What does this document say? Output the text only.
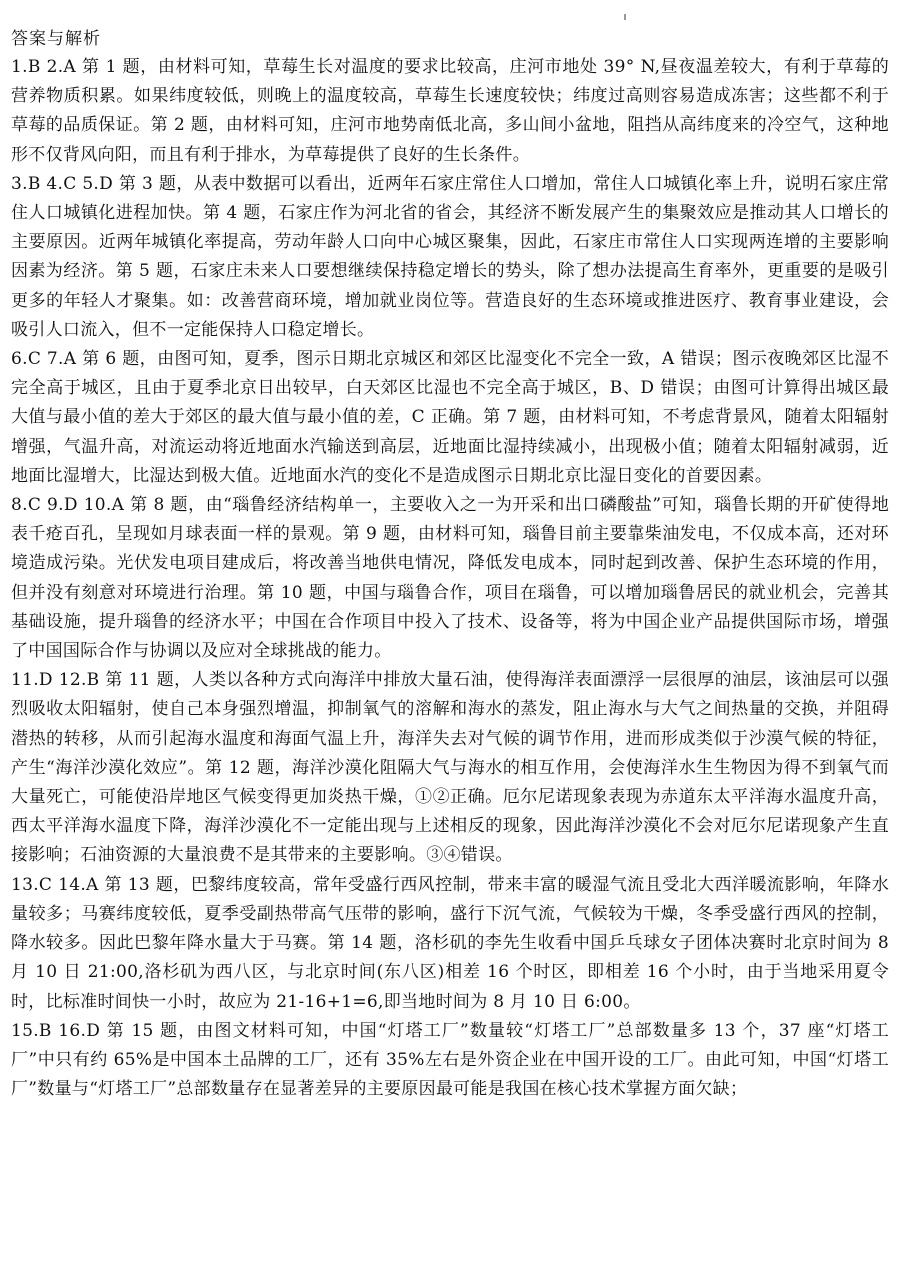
答案与解析

1.B 2.A 第 1 题，由材料可知，草莓生长对温度的要求比较高，庄河市地处 39° N,昼夜温差较大，有利于草莓的营养物质积累。如果纬度较低，则晚上的温度较高，草莓生长速度较快；纬度过高则容易造成冻害；这些都不利于草莓的品质保证。第 2 题，由材料可知，庄河市地势南低北高，多山间小盆地，阻挡从高纬度来的冷空气，这种地形不仅背风向阳，而且有利于排水，为草莓提供了良好的生长条件。

3.B 4.C 5.D 第 3 题，从表中数据可以看出，近两年石家庄常住人口增加，常住人口城镇化率上升，说明石家庄常住人口城镇化进程加快。第 4 题，石家庄作为河北省的省会，其经济不断发展产生的集聚效应是推动其人口增长的主要原因。近两年城镇化率提高，劳动年龄人口向中心城区聚集，因此，石家庄市常住人口实现两连增的主要影响因素为经济。第 5 题，石家庄未来人口要想继续保持稳定增长的势头，除了想办法提高生育率外，更重要的是吸引更多的年轻人才聚集。如：改善营商环境，增加就业岗位等。营造良好的生态环境或推进医疗、教育事业建设，会吸引人口流入，但不一定能保持人口稳定增长。

6.C 7.A 第 6 题，由图可知，夏季，图示日期北京城区和郊区比湿变化不完全一致，A 错误；图示夜晚郊区比湿不完全高于城区，且由于夏季北京日出较早，白天郊区比湿也不完全高于城区，B、D 错误；由图可计算得出城区最大值与最小值的差大于郊区的最大值与最小值的差，C 正确。第 7 题，由材料可知，不考虑背景风，随着太阳辐射增强，气温升高，对流运动将近地面水汽输送到高层，近地面比湿持续减小，出现极小值；随着太阳辐射减弱，近地面比湿增大，比湿达到极大值。近地面水汽的变化不是造成图示日期北京比湿日变化的首要因素。

8.C 9.D 10.A 第 8 题，由“瑙鲁经济结构单一，主要收入之一为开采和出口磷酸盐”可知，瑙鲁长期的开矿使得地表千疮百孔，呈现如月球表面一样的景观。第 9 题，由材料可知，瑙鲁目前主要靠柴油发电，不仅成本高，还对环境造成污染。光伏发电项目建成后，将改善当地供电情况，降低发电成本，同时起到改善、保护生态环境的作用，但并没有刻意对环境进行治理。第 10 题，中国与瑙鲁合作，项目在瑙鲁，可以增加瑙鲁居民的就业机会，完善其基础设施，提升瑙鲁的经济水平；中国在合作项目中投入了技术、设备等，将为中国企业产品提供国际市场，增强了中国国际合作与协调以及应对全球挑战的能力。

11.D 12.B 第 11 题，人类以各种方式向海洋中排放大量石油，使得海洋表面漂浮一层很厚的油层，该油层可以强烈吸收太阳辐射，使自己本身强烈增温，抑制氧气的溶解和海水的蒸发，阻止海水与大气之间热量的交换，并阻碍潜热的转移，从而引起海水温度和海面气温上升，海洋失去对气候的调节作用，进而形成类似于沙漠气候的特征，产生“海洋沙漠化效应”。第 12 题，海洋沙漠化阻隔大气与海水的相互作用，会使海洋水生生物因为得不到氧气而大量死亡，可能使沿岸地区气候变得更加炎热干燥，①②正确。厄尔尼诺现象表现为赤道东太平洋海水温度升高，西太平洋海水温度下降，海洋沙漠化不一定能出现与上述相反的现象，因此海洋沙漠化不会对厄尔尼诺现象产生直接影响；石油资源的大量浪费不是其带来的主要影响。③④错误。

13.C 14.A 第 13 题，巴黎纬度较高，常年受盛行西风控制，带来丰富的暖湿气流且受北大西洋暖流影响，年降水量较多；马赛纬度较低，夏季受副热带高气压带的影响，盛行下沉气流，气候较为干燥，冬季受盛行西风的控制，降水较多。因此巴黎年降水量大于马赛。第 14 题，洛杉矶的李先生收看中国乒乓球女子团体决赛时北京时间为 8 月 10 日 21:00,洛杉矶为西八区，与北京时间(东八区)相差 16 个时区，即相差 16 个小时，由于当地采用夏令时，比标准时间快一小时，故应为 21-16+1=6,即当地时间为 8 月 10 日 6:00。

15.B 16.D 第 15 题，由图文材料可知，中国“灯塔工厂”数量较“灯塔工厂”总部数量多 13 个，37 座“灯塔工厂”中只有约 65%是中国本土品牌的工厂，还有 35%左右是外资企业在中国开设的工厂。由此可知，中国“灯塔工厂”数量与“灯塔工厂”总部数量存在显著差异的主要原因最可能是我国在核心技术掌握方面欠缺；
